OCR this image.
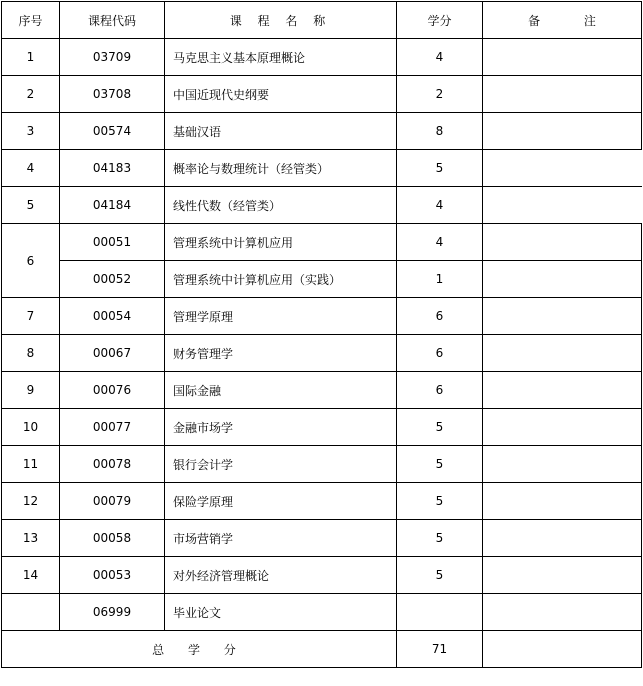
序号	课程代码	课 程 名 称	学分	备 注
1	03709	马克思主义基本原理概论	4	
2	03708	中国近现代史纲要	2	
3	00574	基础汉语	8	
4	04183	概率论与数理统计（经管类）	5	
5	04184	线性代数（经管类）	4	
6	00051	管理系统中计算机应用	4	
	00052	管理系统中计算机应用（实践）	1	
7	00054	管理学原理	6	
8	00067	财务管理学	6	
9	00076	国际金融	6	
10	00077	金融市场学	5	
11	00078	银行会计学	5	
12	00079	保险学原理	5	
13	00058	市场营销学	5	
14	00053	对外经济管理概论	5	
	06999	毕业论文		
总 学 分			71	
